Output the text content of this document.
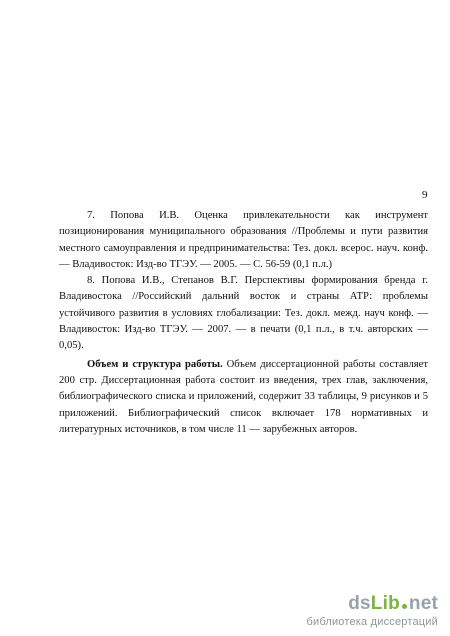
9

7. Попова И.В. Оценка привлекательности как инструмент позиционирования муниципального образования //Проблемы и пути развития местного самоуправления и предпринимательства: Тез. докл. всерос. науч. конф. — Владивосток: Изд-во ТГЭУ. — 2005. — С. 56-59 (0,1 п.л.)

8. Попова И.В., Степанов В.Г. Перспективы формирования бренда г. Владивостока //Российский дальний восток и страны АТР: проблемы устойчивого развития в условиях глобализации: Тез. докл. межд. науч конф. — Владивосток: Изд-во ТГЭУ. — 2007. — в печати (0,1 п.л., в т.ч. авторских — 0,05).

Объем и структура работы. Объем диссертационной работы составляет 200 стр. Диссертационная работа состоит из введения, трех глав, заключения, библиографического списка и приложений, содержит 33 таблицы, 9 рисунков и 5 приложений. Библиографический список включает 178 нормативных и литературных источников, в том числе 11 — зарубежных авторов.

ds Lib net
библиотека диссертаций
